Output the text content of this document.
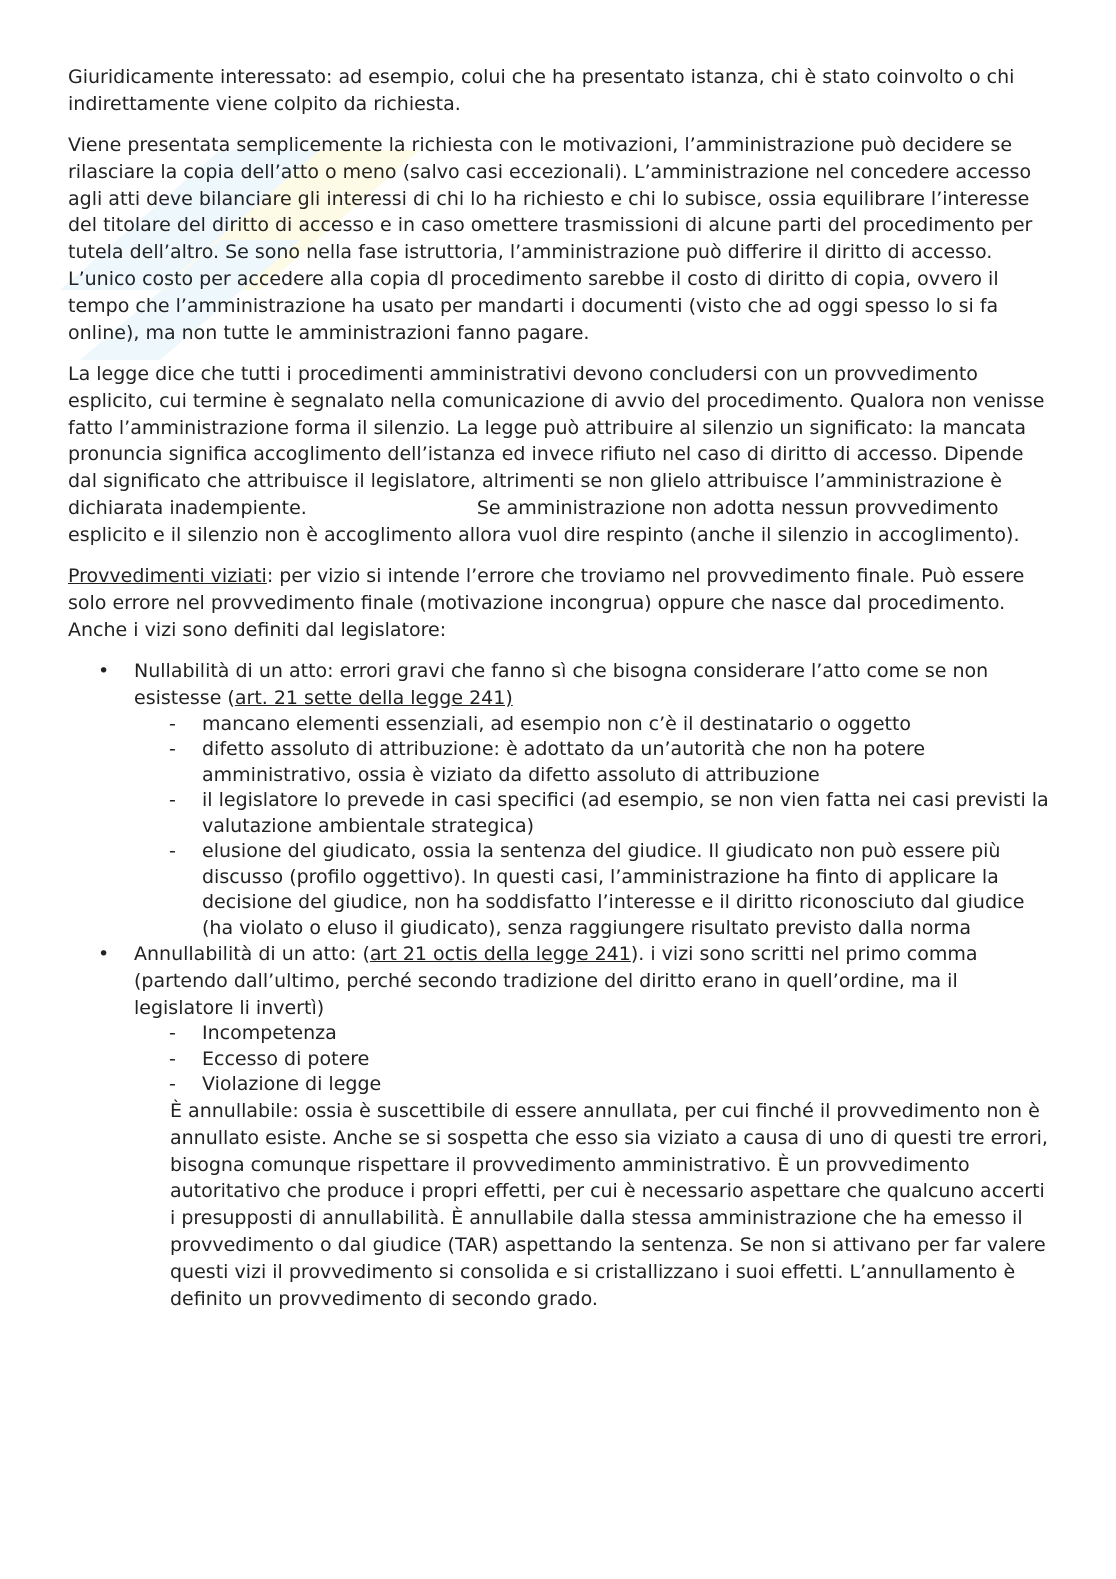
Giuridicamente interessato: ad esempio, colui che ha presentato istanza, chi è stato coinvolto o chi indirettamente viene colpito da richiesta.

Viene presentata semplicemente la richiesta con le motivazioni, l’amministrazione può decidere se rilasciare la copia dell’atto o meno (salvo casi eccezionali). L’amministrazione nel concedere accesso agli atti deve bilanciare gli interessi di chi lo ha richiesto e chi lo subisce, ossia equilibrare l’interesse del titolare del diritto di accesso e in caso omettere trasmissioni di alcune parti del procedimento per tutela dell’altro. Se sono nella fase istruttoria, l’amministrazione può differire il diritto di accesso. L’unico costo per accedere alla copia dl procedimento sarebbe il costo di diritto di copia, ovvero il tempo che l’amministrazione ha usato per mandarti i documenti (visto che ad oggi spesso lo si fa online), ma non tutte le amministrazioni fanno pagare.

La legge dice che tutti i procedimenti amministrativi devono concludersi con un provvedimento esplicito, cui termine è segnalato nella comunicazione di avvio del procedimento. Qualora non venisse fatto l’amministrazione forma il silenzio. La legge può attribuire al silenzio un significato: la mancata pronuncia significa accoglimento dell’istanza ed invece rifiuto nel caso di diritto di accesso. Dipende dal significato che attribuisce il legislatore, altrimenti se non glielo attribuisce l’amministrazione è dichiarata inadempiente.	Se amministrazione non adotta nessun provvedimento esplicito e il silenzio non è accoglimento allora vuol dire respinto (anche il silenzio in accoglimento).

Provvedimenti viziati: per vizio si intende l’errore che troviamo nel provvedimento finale. Può essere solo errore nel provvedimento finale (motivazione incongrua) oppure che nasce dal procedimento. Anche i vizi sono definiti dal legislatore:

• Nullabilità di un atto: errori gravi che fanno sì che bisogna considerare l’atto come se non esistesse (art. 21 sette della legge 241)
- mancano elementi essenziali, ad esempio non c’è il destinatario o oggetto
- difetto assoluto di attribuzione: è adottato da un’autorità che non ha potere amministrativo, ossia è viziato da difetto assoluto di attribuzione
- il legislatore lo prevede in casi specifici (ad esempio, se non vien fatta nei casi previsti la valutazione ambientale strategica)
- elusione del giudicato, ossia la sentenza del giudice. Il giudicato non può essere più discusso (profilo oggettivo). In questi casi, l’amministrazione ha finto di applicare la decisione del giudice, non ha soddisfatto l’interesse e il diritto riconosciuto dal giudice (ha violato o eluso il giudicato), senza raggiungere risultato previsto dalla norma
• Annullabilità di un atto: (art 21 octis della legge 241). i vizi sono scritti nel primo comma (partendo dall’ultimo, perché secondo tradizione del diritto erano in quell’ordine, ma il legislatore li invertì)
- Incompetenza
- Eccesso di potere
- Violazione di legge

È annullabile: ossia è suscettibile di essere annullata, per cui finché il provvedimento non è annullato esiste. Anche se si sospetta che esso sia viziato a causa di uno di questi tre errori, bisogna comunque rispettare il provvedimento amministrativo. È un provvedimento autoritativo che produce i propri effetti, per cui è necessario aspettare che qualcuno accerti i presupposti di annullabilità. È annullabile dalla stessa amministrazione che ha emesso il provvedimento o dal giudice (TAR) aspettando la sentenza. Se non si attivano per far valere questi vizi il provvedimento si consolida e si cristallizzano i suoi effetti. L’annullamento è definito un provvedimento di secondo grado.
